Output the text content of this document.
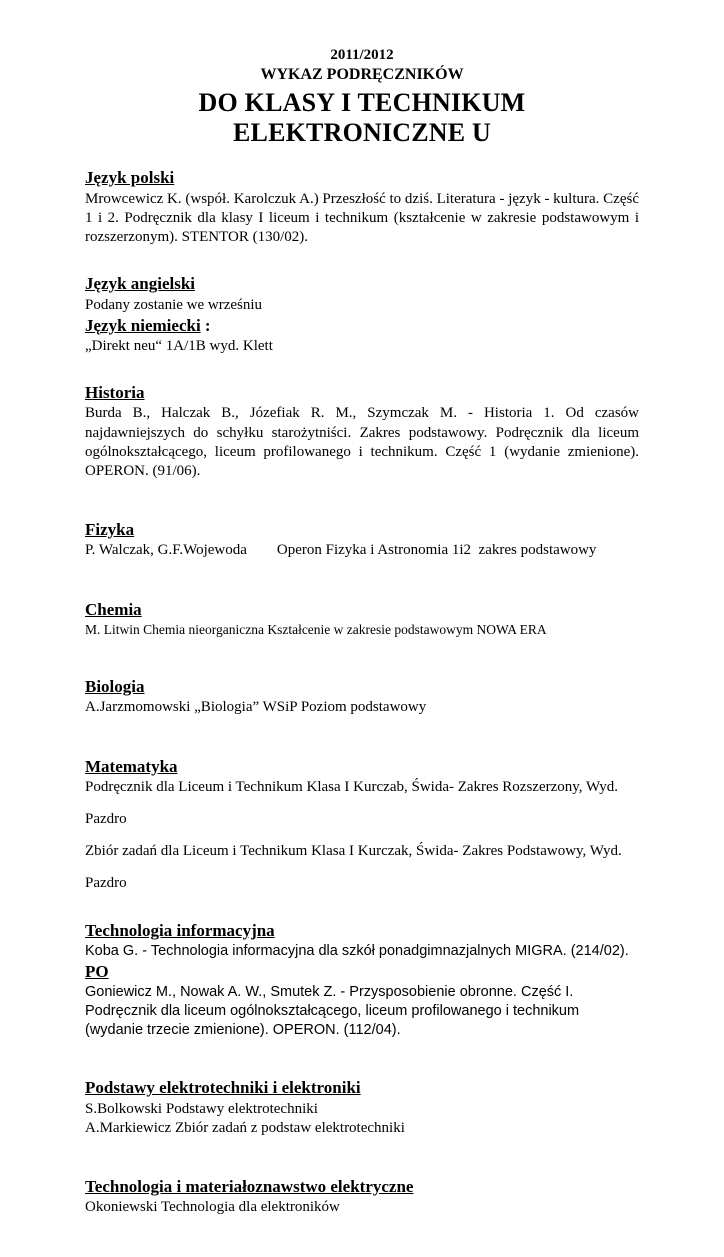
2011/2012

WYKAZ PODRĘCZNIKÓW

DO KLASY I TECHNIKUM ELEKTRONICZNE U
Język polski

Mrowcewicz K. (współ. Karolczuk A.) Przeszłość to dziś. Literatura - język - kultura. Część 1 i 2. Podręcznik dla klasy I liceum i technikum (kształcenie w zakresie podstawowym i rozszerzonym). STENTOR (130/02).

Język angielski

Podany zostanie we wrześniu

Język niemiecki :

„Direkt neu“ 1A/1B wyd. Klett

Historia

Burda B., Halczak B., Józefiak R. M., Szymczak M. - Historia 1. Od czasów najdawniejszych do schyłku starożytniści. Zakres podstawowy. Podręcznik dla liceum ogólnokształcącego, liceum profilowanego i technikum. Część 1 (wydanie zmienione). OPERON. (91/06).

Fizyka

P. Walczak, G.F.Wojewoda        Operon Fizyka i Astronomia 1i2  zakres podstawowy

Chemia

M. Litwin Chemia nieorganiczna Kształcenie w zakresie podstawowym NOWA ERA

Biologia

A.Jarzmomowski „Biologia” WSiP Poziom podstawowy

Matematyka

Podręcznik dla Liceum i Technikum Klasa I Kurczab, Świda- Zakres Rozszerzony, Wyd.

Pazdro

Zbiór zadań dla Liceum i Technikum Klasa I Kurczak, Świda- Zakres Podstawowy, Wyd.

Pazdro

Technologia informacyjna

Koba G. - Technologia informacyjna dla szkół ponadgimnazjalnych MIGRA. (214/02).

PO

Goniewicz M., Nowak A. W., Smutek Z. - Przysposobienie obronne. Część I. Podręcznik dla liceum ogólnokształcącego, liceum profilowanego i technikum (wydanie trzecie zmienione). OPERON. (112/04).

Podstawy elektrotechniki i elektroniki

S.Bolkowski Podstawy elektrotechniki

A.Markiewicz Zbiór zadań z podstaw elektrotechniki

Technologia i materiałoznawstwo elektryczne

Okoniewski Technologia dla elektroników
